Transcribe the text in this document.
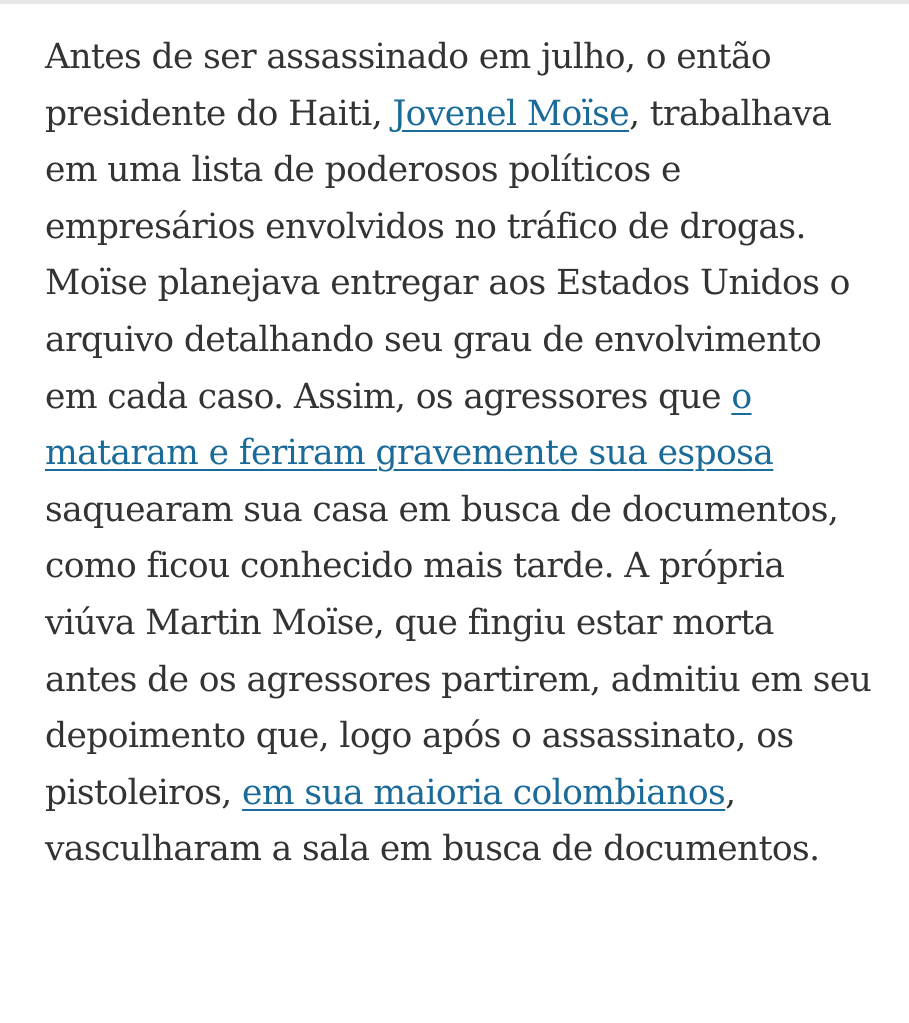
Antes de ser assassinado em julho, o então presidente do Haiti, Jovenel Moïse, trabalhava em uma lista de poderosos políticos e empresários envolvidos no tráfico de drogas. Moïse planejava entregar aos Estados Unidos o arquivo detalhando seu grau de envolvimento em cada caso. Assim, os agressores que o mataram e feriram gravemente sua esposa saquearam sua casa em busca de documentos, como ficou conhecido mais tarde. A própria viúva Martin Moïse, que fingiu estar morta antes de os agressores partirem, admitiu em seu depoimento que, logo após o assassinato, os pistoleiros, em sua maioria colombianos, vasculharam a sala em busca de documentos.
